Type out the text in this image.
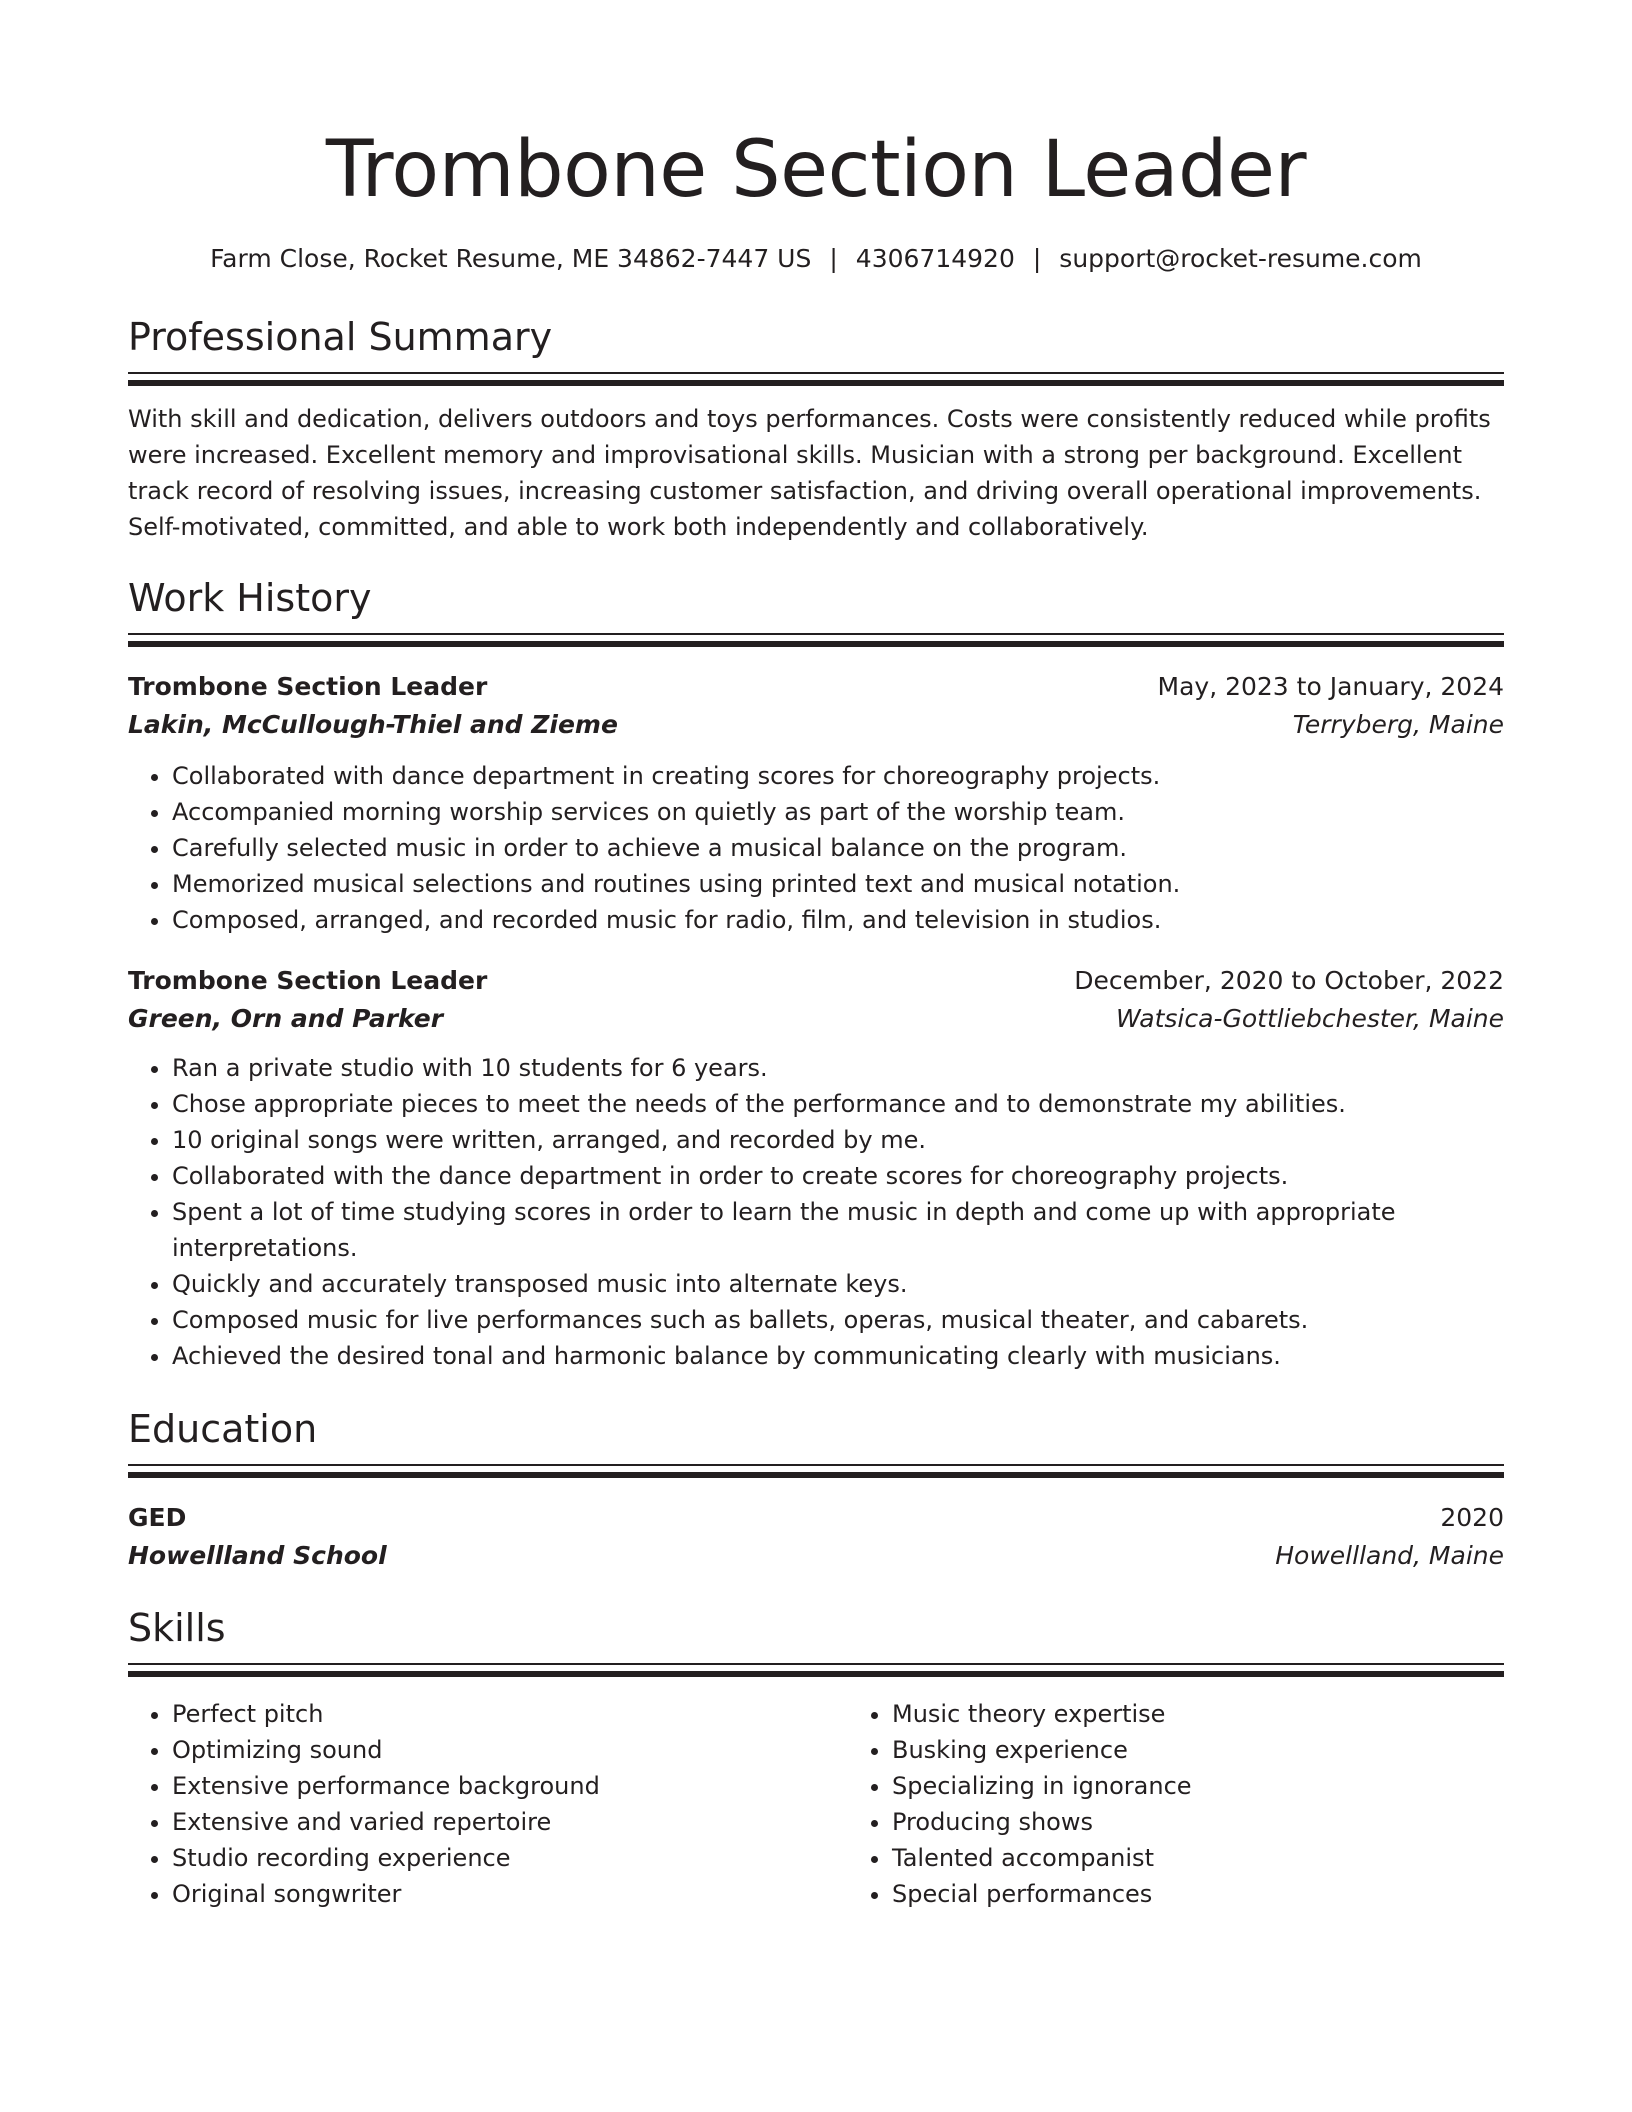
Trombone Section Leader
Farm Close, Rocket Resume, ME 34862-7447 US | 4306714920 | support@rocket-resume.com
Professional Summary

With skill and dedication, delivers outdoors and toys performances. Costs were consistently reduced while profits were increased. Excellent memory and improvisational skills. Musician with a strong per background. Excellent track record of resolving issues, increasing customer satisfaction, and driving overall operational improvements. Self-motivated, committed, and able to work both independently and collaboratively.

Work History
Trombone Section Leader	May, 2023 to January, 2024
Lakin, McCullough-Thiel and Zieme	Terryberg, Maine
• Collaborated with dance department in creating scores for choreography projects.
• Accompanied morning worship services on quietly as part of the worship team.
• Carefully selected music in order to achieve a musical balance on the program.
• Memorized musical selections and routines using printed text and musical notation.
• Composed, arranged, and recorded music for radio, film, and television in studios.
Trombone Section Leader	December, 2020 to October, 2022
Green, Orn and Parker	Watsica-Gottliebchester, Maine
• Ran a private studio with 10 students for 6 years.
• Chose appropriate pieces to meet the needs of the performance and to demonstrate my abilities.
• 10 original songs were written, arranged, and recorded by me.
• Collaborated with the dance department in order to create scores for choreography projects.
• Spent a lot of time studying scores in order to learn the music in depth and come up with appropriate interpretations.
• Quickly and accurately transposed music into alternate keys.
• Composed music for live performances such as ballets, operas, musical theater, and cabarets.
• Achieved the desired tonal and harmonic balance by communicating clearly with musicians.
Education
GED	2020
Howellland School	Howellland, Maine
Skills
• Perfect pitch
• Optimizing sound
• Extensive performance background
• Extensive and varied repertoire
• Studio recording experience
• Original songwriter
• Music theory expertise
• Busking experience
• Specializing in ignorance
• Producing shows
• Talented accompanist
• Special performances
